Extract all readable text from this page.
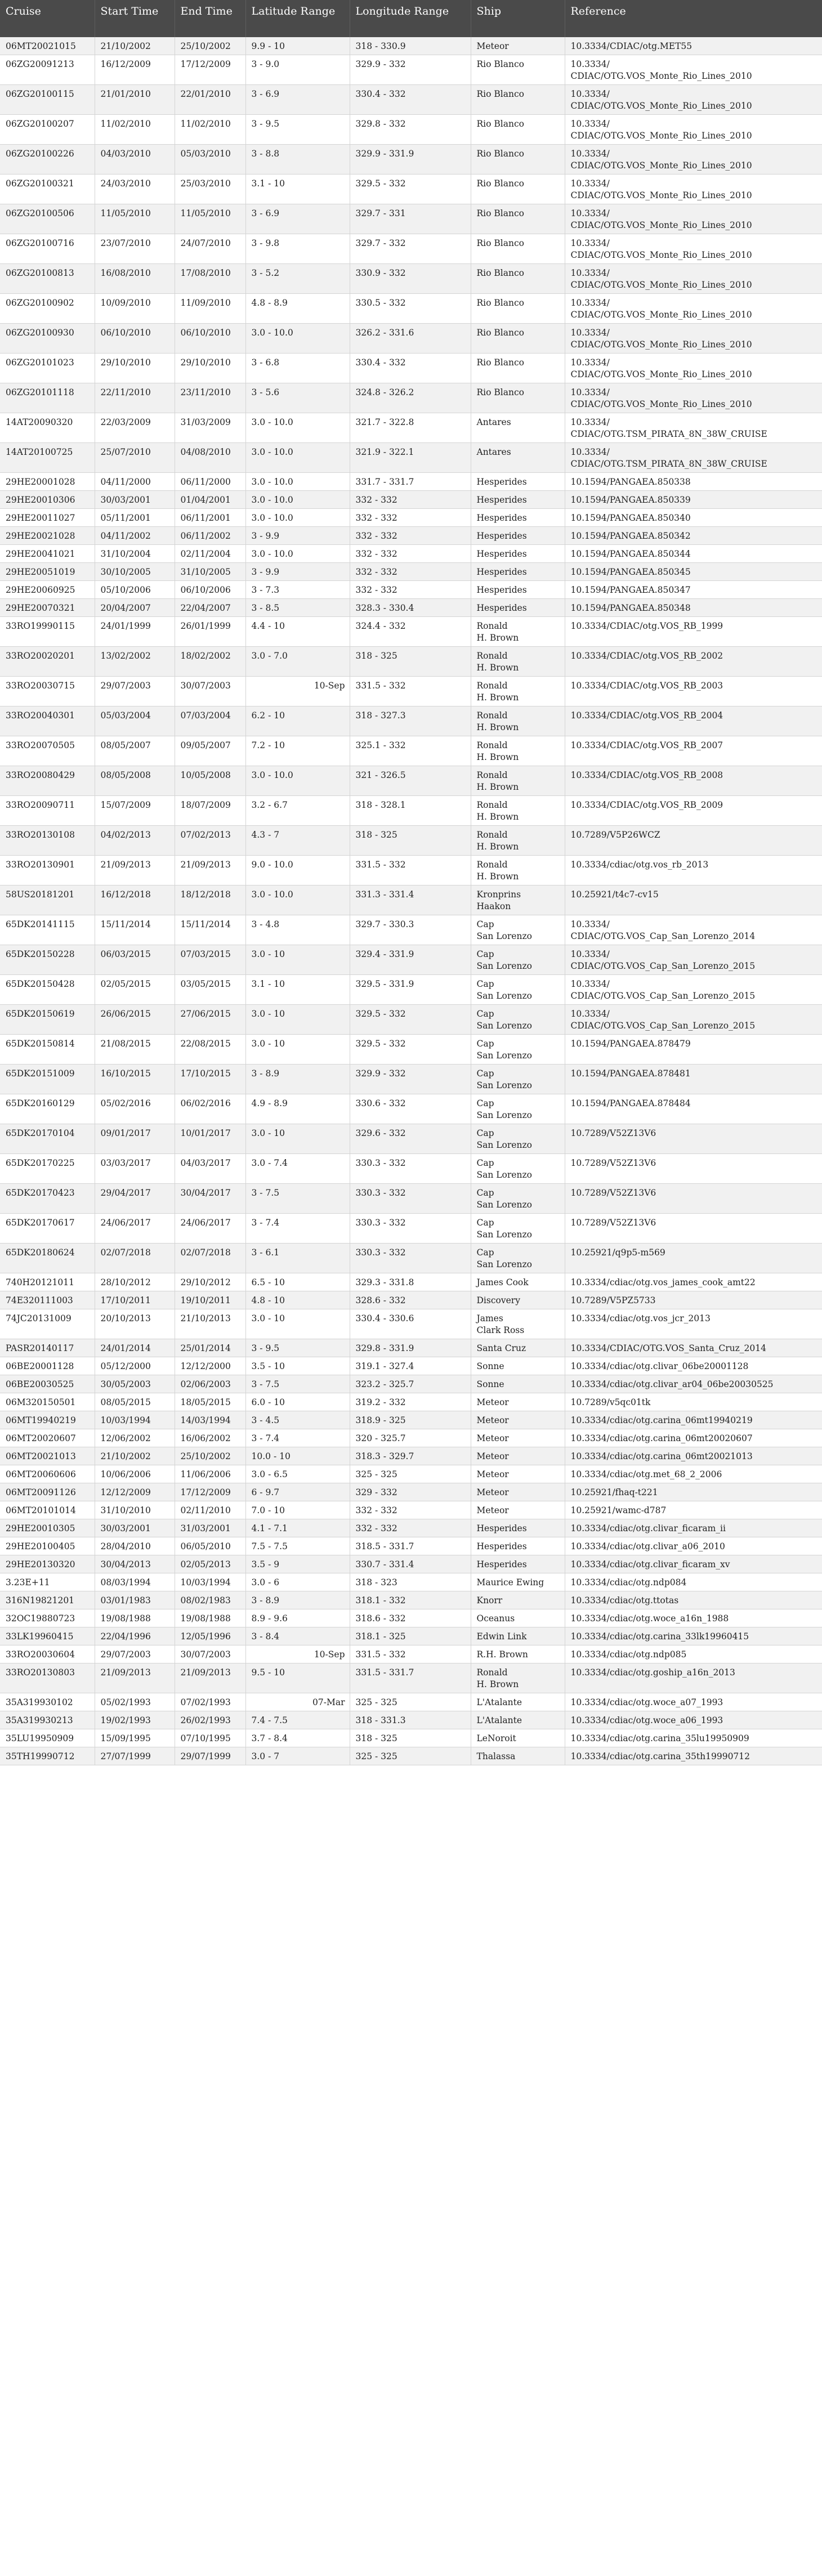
Cruise	Start Time	End Time	Latitude Range	Longitude Range	Ship	Reference
06MT20021015	21/10/2002	25/10/2002	9.9 - 10	318 - 330.9	Meteor	10.3334/CDIAC/otg.MET55
06ZG20091213	16/12/2009	17/12/2009	3 - 9.0	329.9 - 332	Rio Blanco	10.3334/
CDIAC/OTG.VOS_Monte_Rio_Lines_2010
06ZG20100115	21/01/2010	22/01/2010	3 - 6.9	330.4 - 332	Rio Blanco	10.3334/
CDIAC/OTG.VOS_Monte_Rio_Lines_2010
06ZG20100207	11/02/2010	11/02/2010	3 - 9.5	329.8 - 332	Rio Blanco	10.3334/
CDIAC/OTG.VOS_Monte_Rio_Lines_2010
06ZG20100226	04/03/2010	05/03/2010	3 - 8.8	329.9 - 331.9	Rio Blanco	10.3334/
CDIAC/OTG.VOS_Monte_Rio_Lines_2010
06ZG20100321	24/03/2010	25/03/2010	3.1 - 10	329.5 - 332	Rio Blanco	10.3334/
CDIAC/OTG.VOS_Monte_Rio_Lines_2010
06ZG20100506	11/05/2010	11/05/2010	3 - 6.9	329.7 - 331	Rio Blanco	10.3334/
CDIAC/OTG.VOS_Monte_Rio_Lines_2010
06ZG20100716	23/07/2010	24/07/2010	3 - 9.8	329.7 - 332	Rio Blanco	10.3334/
CDIAC/OTG.VOS_Monte_Rio_Lines_2010
06ZG20100813	16/08/2010	17/08/2010	3 - 5.2	330.9 - 332	Rio Blanco	10.3334/
CDIAC/OTG.VOS_Monte_Rio_Lines_2010
06ZG20100902	10/09/2010	11/09/2010	4.8 - 8.9	330.5 - 332	Rio Blanco	10.3334/
CDIAC/OTG.VOS_Monte_Rio_Lines_2010
06ZG20100930	06/10/2010	06/10/2010	3.0 - 10.0	326.2 - 331.6	Rio Blanco	10.3334/
CDIAC/OTG.VOS_Monte_Rio_Lines_2010
06ZG20101023	29/10/2010	29/10/2010	3 - 6.8	330.4 - 332	Rio Blanco	10.3334/
CDIAC/OTG.VOS_Monte_Rio_Lines_2010
06ZG20101118	22/11/2010	23/11/2010	3 - 5.6	324.8 - 326.2	Rio Blanco	10.3334/
CDIAC/OTG.VOS_Monte_Rio_Lines_2010
14AT20090320	22/03/2009	31/03/2009	3.0 - 10.0	321.7 - 322.8	Antares	10.3334/
CDIAC/OTG.TSM_PIRATA_8N_38W_CRUISE
14AT20100725	25/07/2010	04/08/2010	3.0 - 10.0	321.9 - 322.1	Antares	10.3334/
CDIAC/OTG.TSM_PIRATA_8N_38W_CRUISE
29HE20001028	04/11/2000	06/11/2000	3.0 - 10.0	331.7 - 331.7	Hesperides	10.1594/PANGAEA.850338
29HE20010306	30/03/2001	01/04/2001	3.0 - 10.0	332 - 332	Hesperides	10.1594/PANGAEA.850339
29HE20011027	05/11/2001	06/11/2001	3.0 - 10.0	332 - 332	Hesperides	10.1594/PANGAEA.850340
29HE20021028	04/11/2002	06/11/2002	3 - 9.9	332 - 332	Hesperides	10.1594/PANGAEA.850342
29HE20041021	31/10/2004	02/11/2004	3.0 - 10.0	332 - 332	Hesperides	10.1594/PANGAEA.850344
29HE20051019	30/10/2005	31/10/2005	3 - 9.9	332 - 332	Hesperides	10.1594/PANGAEA.850345
29HE20060925	05/10/2006	06/10/2006	3 - 7.3	332 - 332	Hesperides	10.1594/PANGAEA.850347
29HE20070321	20/04/2007	22/04/2007	3 - 8.5	328.3 - 330.4	Hesperides	10.1594/PANGAEA.850348
33RO19990115	24/01/1999	26/01/1999	4.4 - 10	324.4 - 332	Ronald
H. Brown	10.3334/CDIAC/otg.VOS_RB_1999
33RO20020201	13/02/2002	18/02/2002	3.0 - 7.0	318 - 325	Ronald
H. Brown	10.3334/CDIAC/otg.VOS_RB_2002
33RO20030715	29/07/2003	30/07/2003	10-Sep	331.5 - 332	Ronald
H. Brown	10.3334/CDIAC/otg.VOS_RB_2003
33RO20040301	05/03/2004	07/03/2004	6.2 - 10	318 - 327.3	Ronald
H. Brown	10.3334/CDIAC/otg.VOS_RB_2004
33RO20070505	08/05/2007	09/05/2007	7.2 - 10	325.1 - 332	Ronald
H. Brown	10.3334/CDIAC/otg.VOS_RB_2007
33RO20080429	08/05/2008	10/05/2008	3.0 - 10.0	321 - 326.5	Ronald
H. Brown	10.3334/CDIAC/otg.VOS_RB_2008
33RO20090711	15/07/2009	18/07/2009	3.2 - 6.7	318 - 328.1	Ronald
H. Brown	10.3334/CDIAC/otg.VOS_RB_2009
33RO20130108	04/02/2013	07/02/2013	4.3 - 7	318 - 325	Ronald
H. Brown	10.7289/V5P26WCZ
33RO20130901	21/09/2013	21/09/2013	9.0 - 10.0	331.5 - 332	Ronald
H. Brown	10.3334/cdiac/otg.vos_rb_2013
58US20181201	16/12/2018	18/12/2018	3.0 - 10.0	331.3 - 331.4	Kronprins
Haakon	10.25921/t4c7-cv15
65DK20141115	15/11/2014	15/11/2014	3 - 4.8	329.7 - 330.3	Cap
San Lorenzo	10.3334/
CDIAC/OTG.VOS_Cap_San_Lorenzo_2014
65DK20150228	06/03/2015	07/03/2015	3.0 - 10	329.4 - 331.9	Cap
San Lorenzo	10.3334/
CDIAC/OTG.VOS_Cap_San_Lorenzo_2015
65DK20150428	02/05/2015	03/05/2015	3.1 - 10	329.5 - 331.9	Cap
San Lorenzo	10.3334/
CDIAC/OTG.VOS_Cap_San_Lorenzo_2015
65DK20150619	26/06/2015	27/06/2015	3.0 - 10	329.5 - 332	Cap
San Lorenzo	10.3334/
CDIAC/OTG.VOS_Cap_San_Lorenzo_2015
65DK20150814	21/08/2015	22/08/2015	3.0 - 10	329.5 - 332	Cap
San Lorenzo	10.1594/PANGAEA.878479
65DK20151009	16/10/2015	17/10/2015	3 - 8.9	329.9 - 332	Cap
San Lorenzo	10.1594/PANGAEA.878481
65DK20160129	05/02/2016	06/02/2016	4.9 - 8.9	330.6 - 332	Cap
San Lorenzo	10.1594/PANGAEA.878484
65DK20170104	09/01/2017	10/01/2017	3.0 - 10	329.6 - 332	Cap
San Lorenzo	10.7289/V52Z13V6
65DK20170225	03/03/2017	04/03/2017	3.0 - 7.4	330.3 - 332	Cap
San Lorenzo	10.7289/V52Z13V6
65DK20170423	29/04/2017	30/04/2017	3 - 7.5	330.3 - 332	Cap
San Lorenzo	10.7289/V52Z13V6
65DK20170617	24/06/2017	24/06/2017	3 - 7.4	330.3 - 332	Cap
San Lorenzo	10.7289/V52Z13V6
65DK20180624	02/07/2018	02/07/2018	3 - 6.1	330.3 - 332	Cap
San Lorenzo	10.25921/q9p5-m569
740H20121011	28/10/2012	29/10/2012	6.5 - 10	329.3 - 331.8	James Cook	10.3334/cdiac/otg.vos_james_cook_amt22
74E320111003	17/10/2011	19/10/2011	4.8 - 10	328.6 - 332	Discovery	10.7289/V5PZ5733
74JC20131009	20/10/2013	21/10/2013	3.0 - 10	330.4 - 330.6	James
Clark Ross	10.3334/cdiac/otg.vos_jcr_2013
PASR20140117	24/01/2014	25/01/2014	3 - 9.5	329.8 - 331.9	Santa Cruz	10.3334/CDIAC/OTG.VOS_Santa_Cruz_2014
06BE20001128	05/12/2000	12/12/2000	3.5 - 10	319.1 - 327.4	Sonne	10.3334/cdiac/otg.clivar_06be20001128
06BE20030525	30/05/2003	02/06/2003	3 - 7.5	323.2 - 325.7	Sonne	10.3334/cdiac/otg.clivar_ar04_06be20030525
06M320150501	08/05/2015	18/05/2015	6.0 - 10	319.2 - 332	Meteor	10.7289/v5qc01tk
06MT19940219	10/03/1994	14/03/1994	3 - 4.5	318.9 - 325	Meteor	10.3334/cdiac/otg.carina_06mt19940219
06MT20020607	12/06/2002	16/06/2002	3 - 7.4	320 - 325.7	Meteor	10.3334/cdiac/otg.carina_06mt20020607
06MT20021013	21/10/2002	25/10/2002	10.0 - 10	318.3 - 329.7	Meteor	10.3334/cdiac/otg.carina_06mt20021013
06MT20060606	10/06/2006	11/06/2006	3.0 - 6.5	325 - 325	Meteor	10.3334/cdiac/otg.met_68_2_2006
06MT20091126	12/12/2009	17/12/2009	6 - 9.7	329 - 332	Meteor	10.25921/fhaq-t221
06MT20101014	31/10/2010	02/11/2010	7.0 - 10	332 - 332	Meteor	10.25921/wamc-d787
29HE20010305	30/03/2001	31/03/2001	4.1 - 7.1	332 - 332	Hesperides	10.3334/cdiac/otg.clivar_ficaram_ii
29HE20100405	28/04/2010	06/05/2010	7.5 - 7.5	318.5 - 331.7	Hesperides	10.3334/cdiac/otg.clivar_a06_2010
29HE20130320	30/04/2013	02/05/2013	3.5 - 9	330.7 - 331.4	Hesperides	10.3334/cdiac/otg.clivar_ficaram_xv
3.23E+11	08/03/1994	10/03/1994	3.0 - 6	318 - 323	Maurice Ewing	10.3334/cdiac/otg.ndp084
316N19821201	03/01/1983	08/02/1983	3 - 8.9	318.1 - 332	Knorr	10.3334/cdiac/otg.ttotas
32OC19880723	19/08/1988	19/08/1988	8.9 - 9.6	318.6 - 332	Oceanus	10.3334/cdiac/otg.woce_a16n_1988
33LK19960415	22/04/1996	12/05/1996	3 - 8.4	318.1 - 325	Edwin Link	10.3334/cdiac/otg.carina_33lk19960415
33RO20030604	29/07/2003	30/07/2003	10-Sep	331.5 - 332	R.H. Brown	10.3334/cdiac/otg.ndp085
33RO20130803	21/09/2013	21/09/2013	9.5 - 10	331.5 - 331.7	Ronald
H. Brown	10.3334/cdiac/otg.goship_a16n_2013
35A319930102	05/02/1993	07/02/1993	07-Mar	325 - 325	L'Atalante	10.3334/cdiac/otg.woce_a07_1993
35A319930213	19/02/1993	26/02/1993	7.4 - 7.5	318 - 331.3	L'Atalante	10.3334/cdiac/otg.woce_a06_1993
35LU19950909	15/09/1995	07/10/1995	3.7 - 8.4	318 - 325	LeNoroit	10.3334/cdiac/otg.carina_35lu19950909
35TH19990712	27/07/1999	29/07/1999	3.0 - 7	325 - 325	Thalassa	10.3334/cdiac/otg.carina_35th19990712
